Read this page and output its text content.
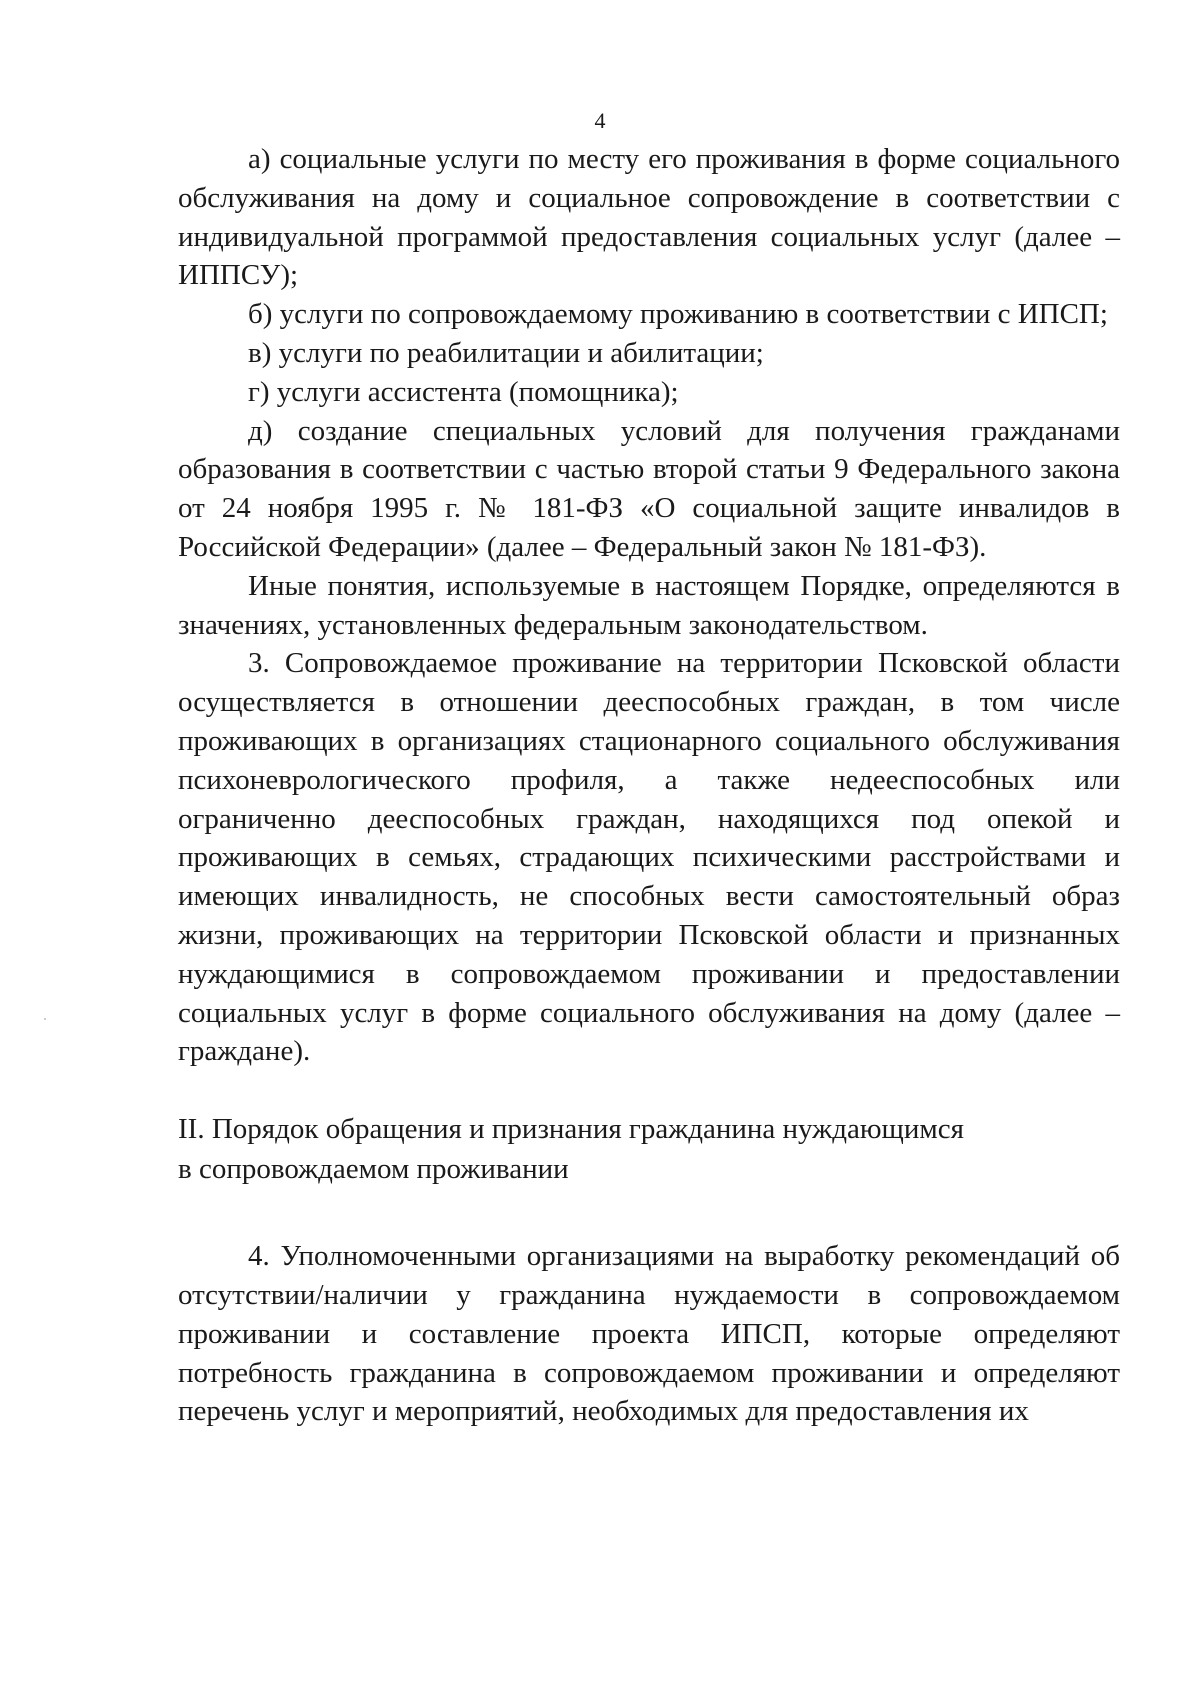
4

а) социальные услуги по месту его проживания в форме социального обслуживания на дому и социальное сопровождение в соответствии с индивидуальной программой предоставления социальных услуг (далее – ИППСУ);

б) услуги по сопровождаемому проживанию в соответствии с ИПСП;

в) услуги по реабилитации и абилитации;

г) услуги ассистента (помощника);

д) создание специальных условий для получения гражданами образования в соответствии с частью второй статьи 9 Федерального закона от 24 ноября 1995 г. № 181-ФЗ «О социальной защите инвалидов в Российской Федерации» (далее – Федеральный закон № 181-ФЗ).

Иные понятия, используемые в настоящем Порядке, определяются в значениях, установленных федеральным законодательством.

3. Сопровождаемое проживание на территории Псковской области осуществляется в отношении дееспособных граждан, в том числе проживающих в организациях стационарного социального обслуживания психоневрологического профиля, а также недееспособных или ограниченно дееспособных граждан, находящихся под опекой и проживающих в семьях, страдающих психическими расстройствами и имеющих инвалидность, не способных вести самостоятельный образ жизни, проживающих на территории Псковской области и признанных нуждающимися в сопровождаемом проживании и предоставлении социальных услуг в форме социального обслуживания на дому (далее – граждане).

II. Порядок обращения и признания гражданина нуждающимся
в сопровождаемом проживании

4. Уполномоченными организациями на выработку рекомендаций об отсутствии/наличии у гражданина нуждаемости в сопровождаемом проживании и составление проекта ИПСП, которые определяют потребность гражданина в сопровождаемом проживании и определяют перечень услуг и мероприятий, необходимых для предоставления их
